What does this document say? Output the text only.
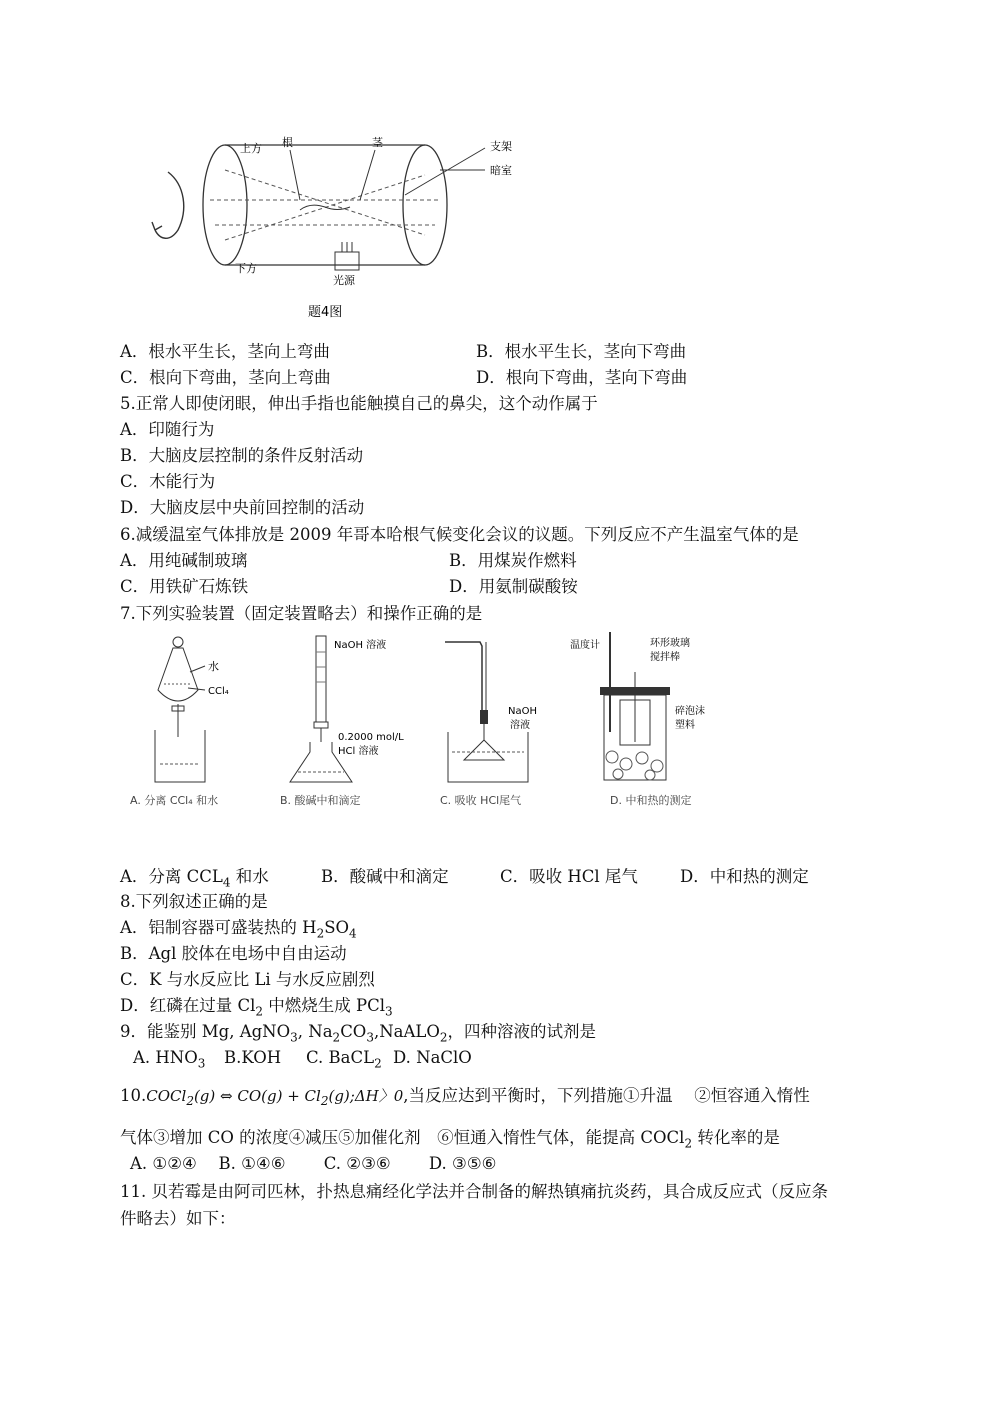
上方 根	茎	支架
暗室
下方
光源
题4图
A．根水平生长，茎向上弯曲	B．根水平生长，茎向下弯曲
C．根向下弯曲，茎向上弯曲	D．根向下弯曲，茎向下弯曲
5.正常人即使闭眼，伸出手指也能触摸自己的鼻尖，这个动作属于
A．印随行为
B．大脑皮层控制的条件反射活动
C．木能行为
D．大脑皮层中央前回控制的活动
6.减缓温室气体排放是 2009 年哥本哈根气候变化会议的议题。下列反应不产生温室气体的是
A．用纯碱制玻璃	B．用煤炭作燃料
C．用铁矿石炼铁	D．用氨制碳酸铵
7.下列实验装置（固定装置略去）和操作正确的是
水
CCl₄
A. 分离 CCl₄ 和水
NaOH 溶液
0.2000 mol/L
HCl 溶液
B. 酸碱中和滴定
NaOH
溶液
C. 吸收 HCl尾气
温度计	环形玻璃
搅拌棒
碎泡沫
塑料
D. 中和热的测定
A．分离 $CCL_4$ 和水	B．酸碱中和滴定	C．吸收 HCl 尾气	D．中和热的测定
8.下列叙述正确的是
A．铝制容器可盛装热的 $H_2SO_4$
B．Agl 胶体在电场中自由运动
C．K 与水反应比 Li 与水反应剧烈
D．红磷在过量 $Cl_2$ 中燃烧生成 PCl$_3$
9．能鉴别 Mg, AgNO$_3$, $Na_2CO_3,NaALO_2$，四种溶液的试剂是
A. $HNO_3$ B.KOH C. BaCL$_2$ D. NaClO
10.COCl$_2$(g) ⇔ $CO(g) + Cl_2(g);\Delta H$〉0,当反应达到平衡时，下列措施①升温　 ②恒容通入惰性
气体③增加 CO 的浓度④减压⑤加催化剂　⑥恒通入惰性气体，能提高 COCl$_2$ 转化率的是
A. ①②④　 B. ①④⑥　　 C. ②③⑥　　 D. ③⑤⑥
11. 贝若霉是由阿司匹林，扑热息痛经化学法并合制备的解热镇痛抗炎药，具合成反应式（反应条
件略去）如下：
